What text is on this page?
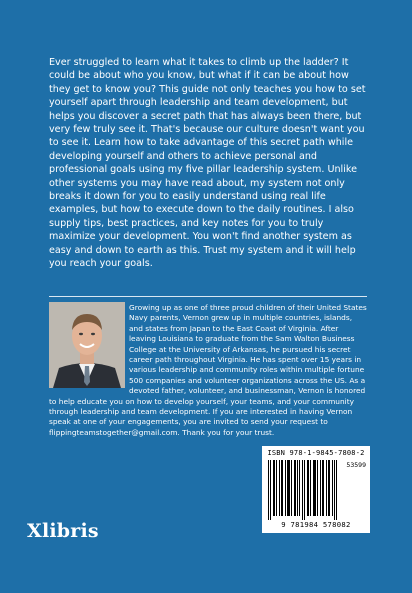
Ever struggled to learn what it takes to climb up the ladder? It could be about who you know, but what if it can be about how they get to know you? This guide not only teaches you how to set yourself apart through leadership and team development, but helps you discover a secret path that has always been there, but very few truly see it. That's because our culture doesn't want you to see it. Learn how to take advantage of this secret path while developing yourself and others to achieve personal and professional goals using my five pillar leadership system. Unlike other systems you may have read about, my system not only breaks it down for you to easily understand using real life examples, but how to execute down to the daily routines. I also supply tips, best practices, and key notes for you to truly maximize your development. You won't find another system as easy and down to earth as this. Trust my system and it will help you reach your goals.
Growing up as one of three proud children of their United States Navy parents, Vernon grew up in multiple countries, islands, and states from Japan to the East Coast of Virginia. After leaving Louisiana to graduate from the Sam Walton Business College at the University of Arkansas, he pursued his secret career path throughout Virginia. He has spent over 15 years in various leadership and community roles within multiple fortune 500 companies and volunteer organizations across the US. As a devoted father, volunteer, and businessman, Vernon is honored to help educate you on how to develop yourself, your teams, and your community through leadership and team development. If you are interested in having Vernon speak at one of your engagements, you are invited to send your request to flippingteamstogether@gmail.com. Thank you for your trust.
ISBN 978-1-9845-7808-2
53599
9 781984 578082
Xlibris
